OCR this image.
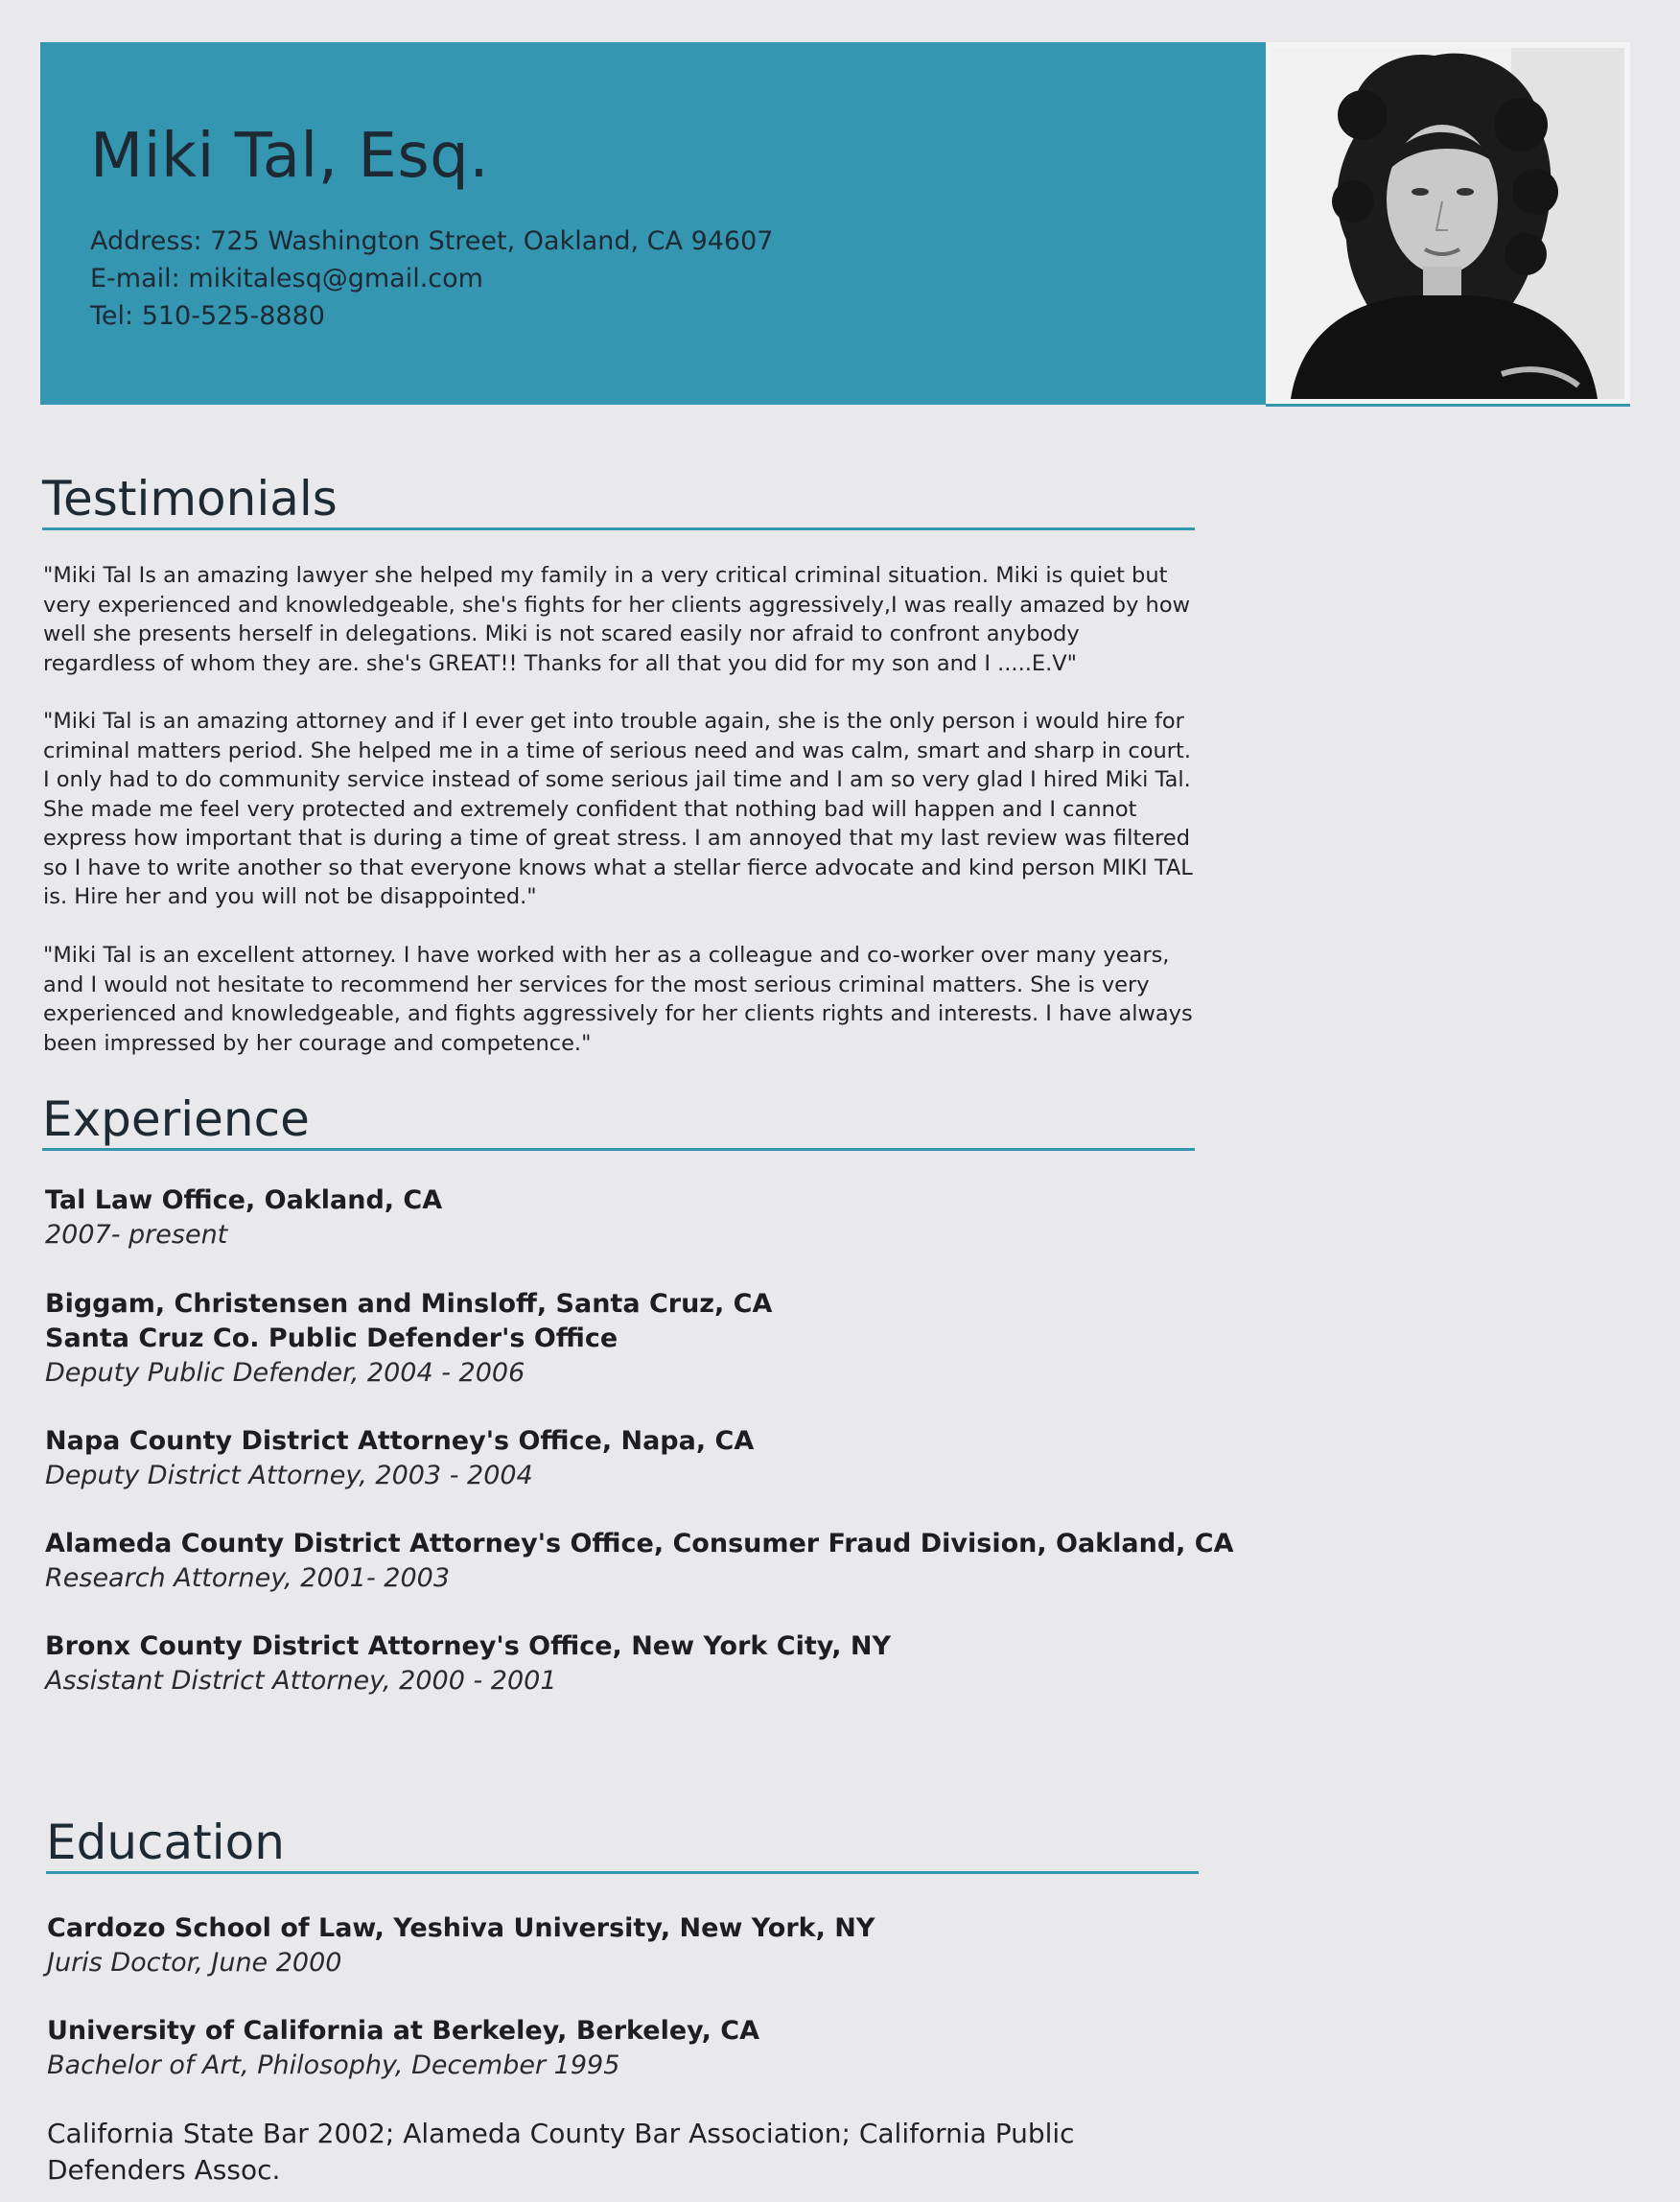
Miki Tal, Esq.
Address: 725 Washington Street, Oakland, CA 94607
E-mail: mikitalesq@gmail.com
Tel: 510-525-8880
Testimonials

"Miki Tal Is an amazing lawyer she helped my family in a very critical criminal situation. Miki is quiet but very experienced and knowledgeable, she's fights for her clients aggressively,I was really amazed by how well she presents herself in delegations. Miki is not scared easily nor afraid to confront anybody regardless of whom they are. she's GREAT!! Thanks for all that you did for my son and I .....E.V"

"Miki Tal is an amazing attorney and if I ever get into trouble again, she is the only person i would hire for criminal matters period. She helped me in a time of serious need and was calm, smart and sharp in court. I only had to do community service instead of some serious jail time and I am so very glad I hired Miki Tal. She made me feel very protected and extremely confident that nothing bad will happen and I cannot express how important that is during a time of great stress. I am annoyed that my last review was filtered so I have to write another so that everyone knows what a stellar fierce advocate and kind person MIKI TAL is. Hire her and you will not be disappointed."

"Miki Tal is an excellent attorney. I have worked with her as a colleague and co-worker over many years, and I would not hesitate to recommend her services for the most serious criminal matters. She is very experienced and knowledgeable, and fights aggressively for her clients rights and interests. I have always been impressed by her courage and competence."

Experience
Tal Law Office, Oakland, CA
2007- present
Biggam, Christensen and Minsloff, Santa Cruz, CA
Santa Cruz Co. Public Defender's Office
Deputy Public Defender, 2004 - 2006
Napa County District Attorney's Office, Napa, CA
Deputy District Attorney, 2003 - 2004
Alameda County District Attorney's Office, Consumer Fraud Division, Oakland, CA
Research Attorney, 2001- 2003
Bronx County District Attorney's Office, New York City, NY
Assistant District Attorney, 2000 - 2001
Education
Cardozo School of Law, Yeshiva University, New York, NY
Juris Doctor, June 2000
University of California at Berkeley, Berkeley, CA
Bachelor of Art, Philosophy, December 1995
California State Bar 2002; Alameda County Bar Association; California Public Defenders Assoc.
